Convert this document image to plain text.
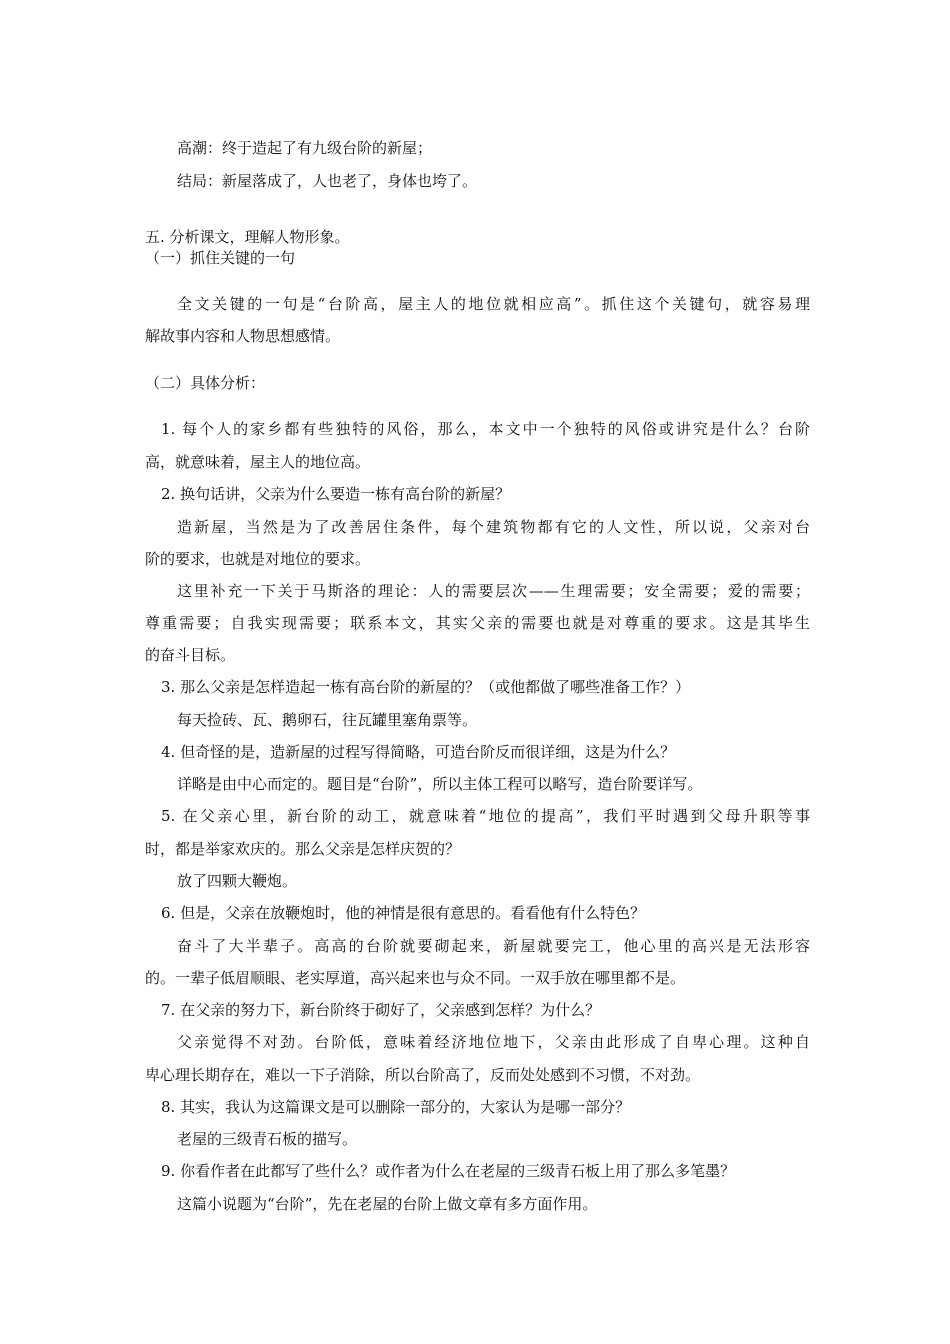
高潮：终于造起了有九级台阶的新屋；

结局：新屋落成了，人也老了，身体也垮了。

五. 分析课文，理解人物形象。

（一）抓住关键的一句

全文关键的一句是“台阶高，屋主人的地位就相应高”。抓住这个关键句，就容易理

解故事内容和人物思想感情。

（二）具体分析：

1. 每个人的家乡都有些独特的风俗，那么，本文中一个独特的风俗或讲究是什么？台阶

高，就意味着，屋主人的地位高。

2. 换句话讲，父亲为什么要造一栋有高台阶的新屋？

造新屋，当然是为了改善居住条件，每个建筑物都有它的人文性，所以说，父亲对台

阶的要求，也就是对地位的要求。

这里补充一下关于马斯洛的理论：人的需要层次——生理需要；安全需要；爱的需要；

尊重需要；自我实现需要；联系本文，其实父亲的需要也就是对尊重的要求。这是其毕生

的奋斗目标。

3. 那么父亲是怎样造起一栋有高台阶的新屋的？（或他都做了哪些准备工作？）

每天捡砖、瓦、鹅卵石，往瓦罐里塞角票等。

4. 但奇怪的是，造新屋的过程写得简略，可造台阶反而很详细，这是为什么？

详略是由中心而定的。题目是“台阶”，所以主体工程可以略写，造台阶要详写。

5. 在父亲心里，新台阶的动工，就意味着“地位的提高”，我们平时遇到父母升职等事

时，都是举家欢庆的。那么父亲是怎样庆贺的？

放了四颗大鞭炮。

6. 但是，父亲在放鞭炮时，他的神情是很有意思的。看看他有什么特色？

奋斗了大半辈子。高高的台阶就要砌起来，新屋就要完工，他心里的高兴是无法形容

的。一辈子低眉顺眼、老实厚道，高兴起来也与众不同。一双手放在哪里都不是。

7. 在父亲的努力下，新台阶终于砌好了，父亲感到怎样？为什么？

父亲觉得不对劲。台阶低，意味着经济地位地下，父亲由此形成了自卑心理。这种自

卑心理长期存在，难以一下子消除，所以台阶高了，反而处处感到不习惯，不对劲。

8. 其实，我认为这篇课文是可以删除一部分的，大家认为是哪一部分？

老屋的三级青石板的描写。

9. 你看作者在此都写了些什么？或作者为什么在老屋的三级青石板上用了那么多笔墨？

这篇小说题为“台阶”，先在老屋的台阶上做文章有多方面作用。
